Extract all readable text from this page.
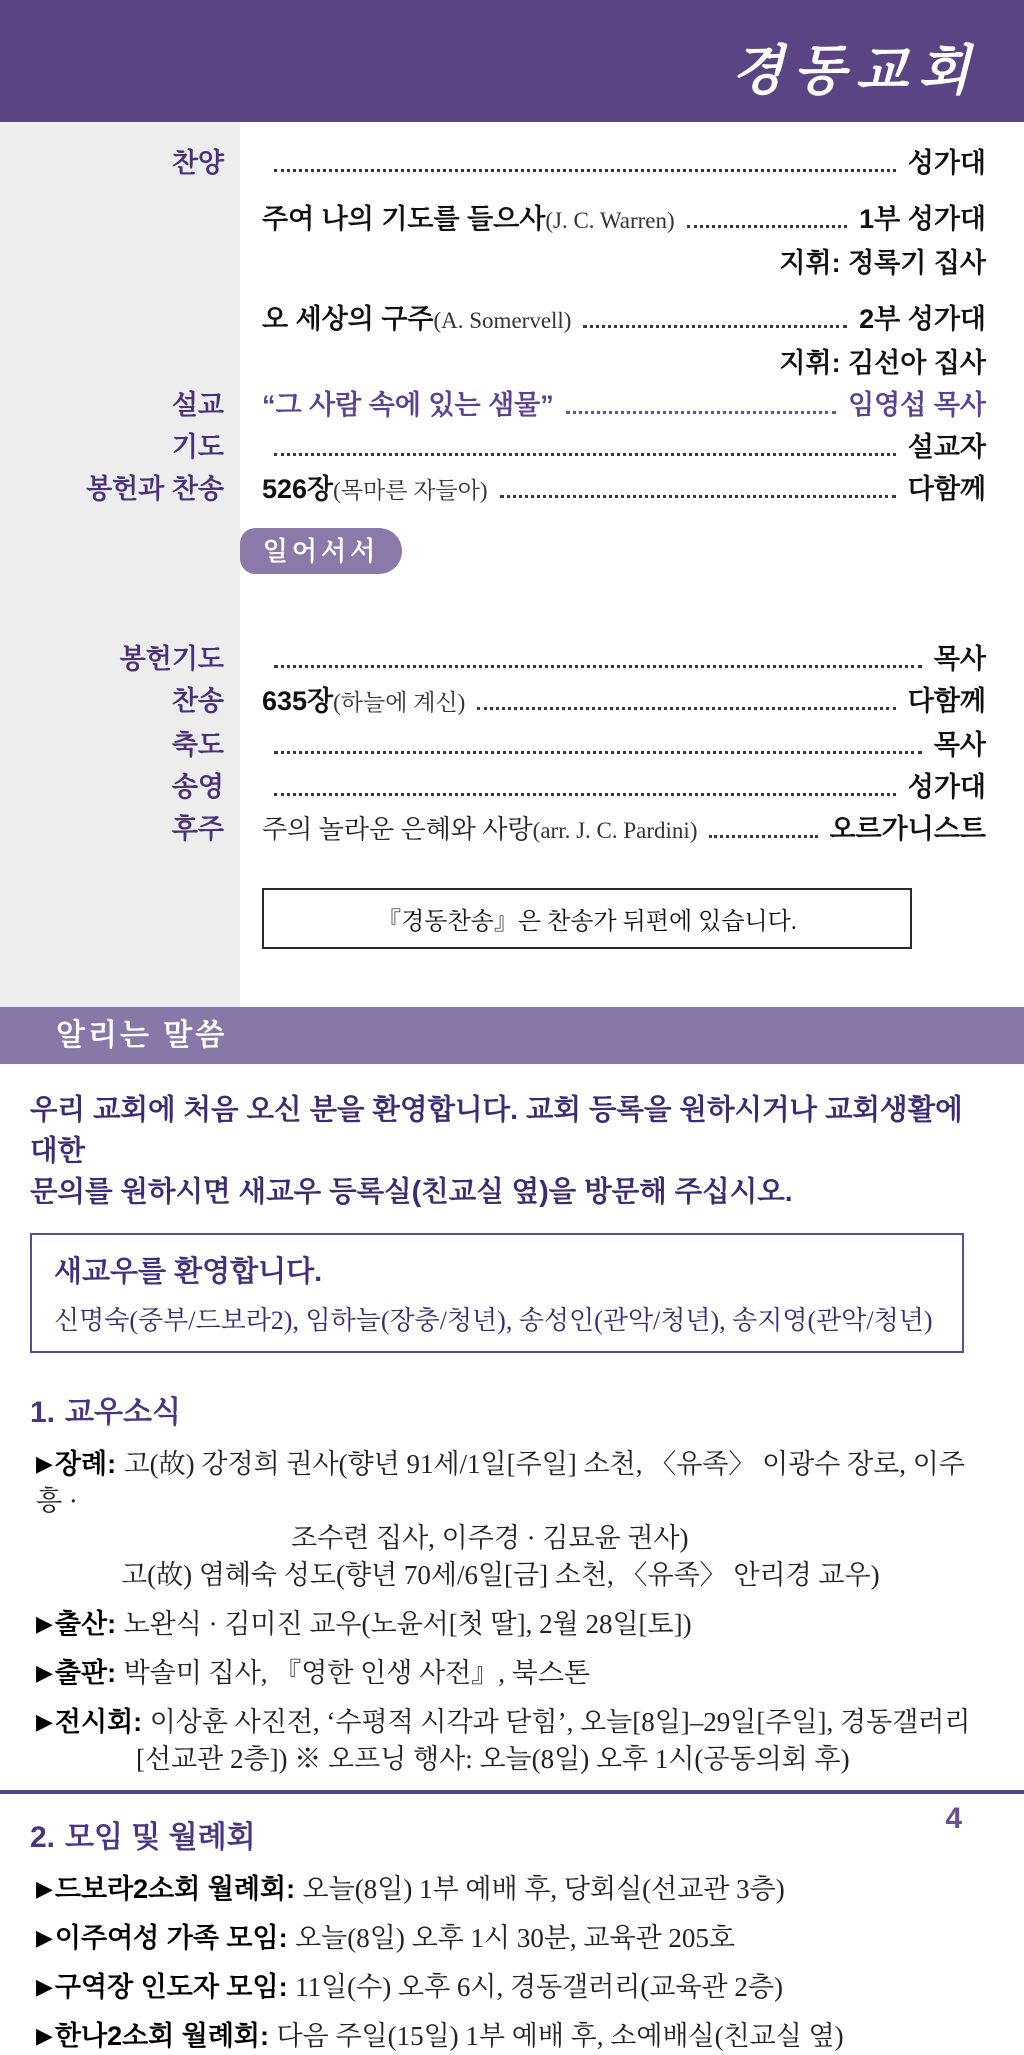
경동교회
찬양	성가대
주여 나의 기도를 들으사 (J. C. Warren)	1부 성가대
지휘: 정록기 집사
오 세상의 구주 (A. Somervell)	2부 성가대
지휘: 김선아 집사
설교	“그 사람 속에 있는 샘물”	임영섭 목사
기도	설교자
봉헌과 찬송	526장 (목마른 자들아)	다함께
일어서서
봉헌기도	목사
찬송	635장 (하늘에 계신)	다함께
축도	목사
송영	성가대
후주	주의 놀라운 은혜와 사랑 (arr. J. C. Pardini)	오르가니스트
『경동찬송』은 찬송가 뒤편에 있습니다.
알리는 말씀
우리 교회에 처음 오신 분을 환영합니다. 교회 등록을 원하시거나 교회생활에 대한
문의를 원하시면 새교우 등록실(친교실 옆)을 방문해 주십시오.
새교우를 환영합니다.
신명숙(중부/드보라2), 임하늘(장충/청년), 송성인(관악/청년), 송지영(관악/청년)
1. 교우소식
▶장례: 고(故) 강정희 권사(향년 91세/1일[주일] 소천, 〈유족〉 이광수 장로, 이주흥 ·
조수련 집사, 이주경 · 김묘윤 권사)
고(故) 염혜숙 성도(향년 70세/6일[금] 소천, 〈유족〉 안리경 교우)
▶출산: 노완식 · 김미진 교우(노윤서[첫 딸], 2월 28일[토])
▶출판: 박솔미 집사, 『영한 인생 사전』, 북스톤
▶전시회: 이상훈 사진전, ‘수평적 시각과 닫힘’, 오늘[8일]–29일[주일], 경동갤러리
[선교관 2층]) ※ 오프닝 행사: 오늘(8일) 오후 1시(공동의회 후)
2. 모임 및 월례회
▶드보라2소회 월례회: 오늘(8일) 1부 예배 후, 당회실(선교관 3층)
▶이주여성 가족 모임: 오늘(8일) 오후 1시 30분, 교육관 205호
▶구역장 인도자 모임: 11일(수) 오후 6시, 경동갤러리(교육관 2층)
▶한나2소회 월례회: 다음 주일(15일) 1부 예배 후, 소예배실(친교실 옆)
4
